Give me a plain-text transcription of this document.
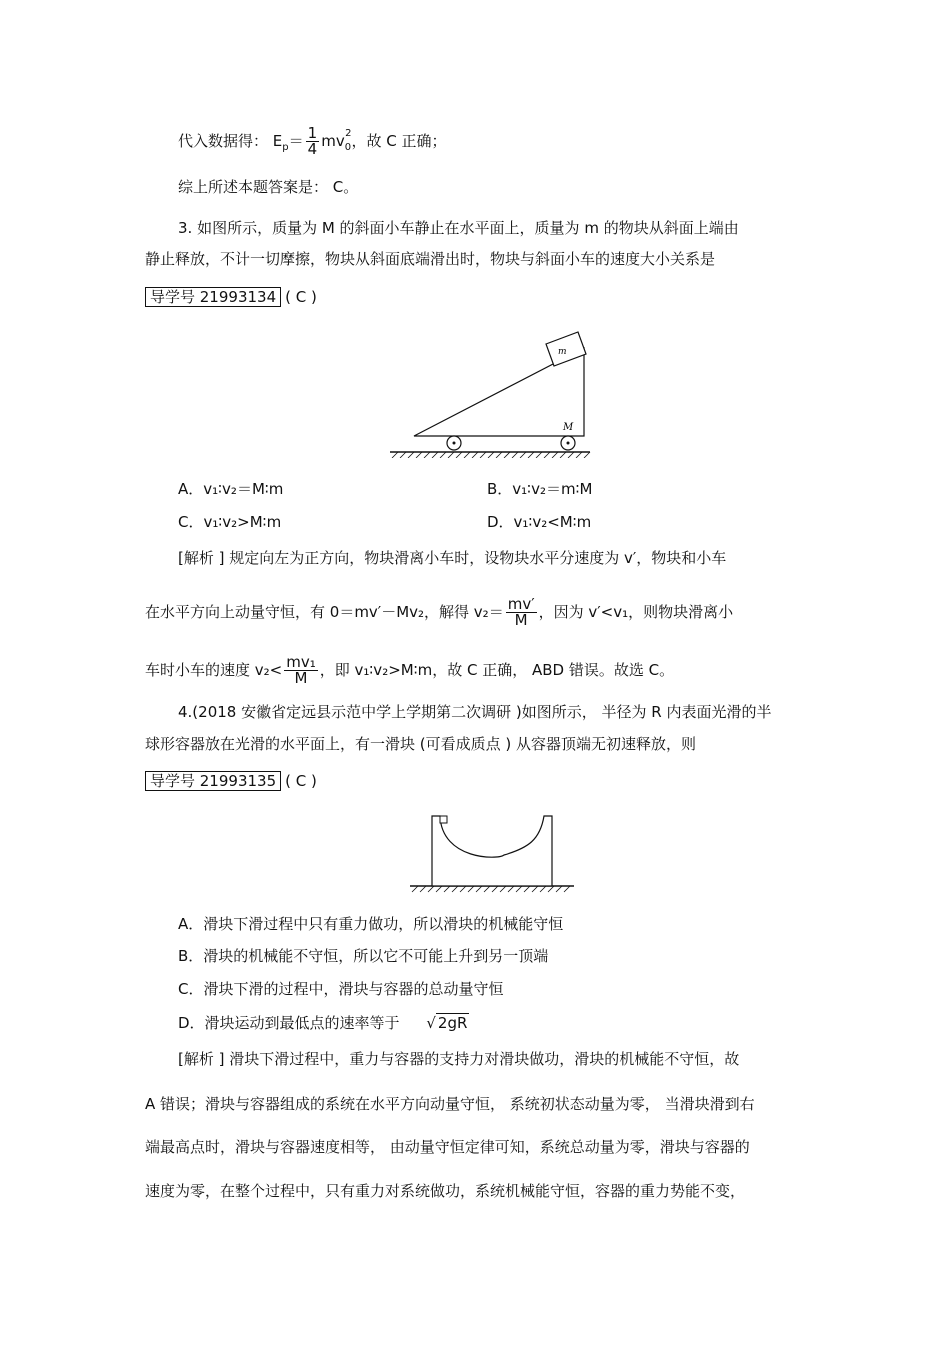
代入数据得： $E_p= \frac{1}{4} mv_0^2$，故 C 正确；
综上所述本题答案是： C。
3. 如图所示，质量为 M 的斜面小车静止在水平面上，质量为 m 的物块从斜面上端由
静止释放，不计一切摩擦，物块从斜面底端滑出时，物块与斜面小车的速度大小关系是
导学号 21993134 ( C )
m
M
A．v₁∶v₂＝M∶m	B．v₁∶v₂＝m∶M
C．v₁∶v₂>M∶m	D．v₁∶v₂<M∶m
[解析 ] 规定向左为正方向，物块滑离小车时，设物块水平分速度为 v′，物块和小车
在水平方向上动量守恒，有 0＝mv′－Mv₂，解得 $v_2= \frac{mv'}{M}$ ，因为 v′<v₁，则物块滑离小
车时小车的速度 $v_2< \frac{\text{mv₁}}{M}$ ，即 v₁∶v₂>M∶m，故 C 正确， ABD 错误。故选 C。
4.(2018 安徽省定远县示范中学上学期第二次调研 )如图所示， 半径为 R 内表面光滑的半
球形容器放在光滑的水平面上，有一滑块 (可看成质点 ) 从容器顶端无初速释放，则
导学号 21993135 ( C )
A．滑块下滑过程中只有重力做功，所以滑块的机械能守恒
B．滑块的机械能不守恒，所以它不可能上升到另一顶端
C．滑块下滑的过程中，滑块与容器的总动量守恒
D．滑块运动到最低点的速率等于 √ 2gR
[解析 ] 滑块下滑过程中，重力与容器的支持力对滑块做功，滑块的机械能不守恒，故
A 错误；滑块与容器组成的系统在水平方向动量守恒， 系统初状态动量为零， 当滑块滑到右
端最高点时，滑块与容器速度相等， 由动量守恒定律可知，系统总动量为零，滑块与容器的
速度为零，在整个过程中，只有重力对系统做功，系统机械能守恒，容器的重力势能不变，
